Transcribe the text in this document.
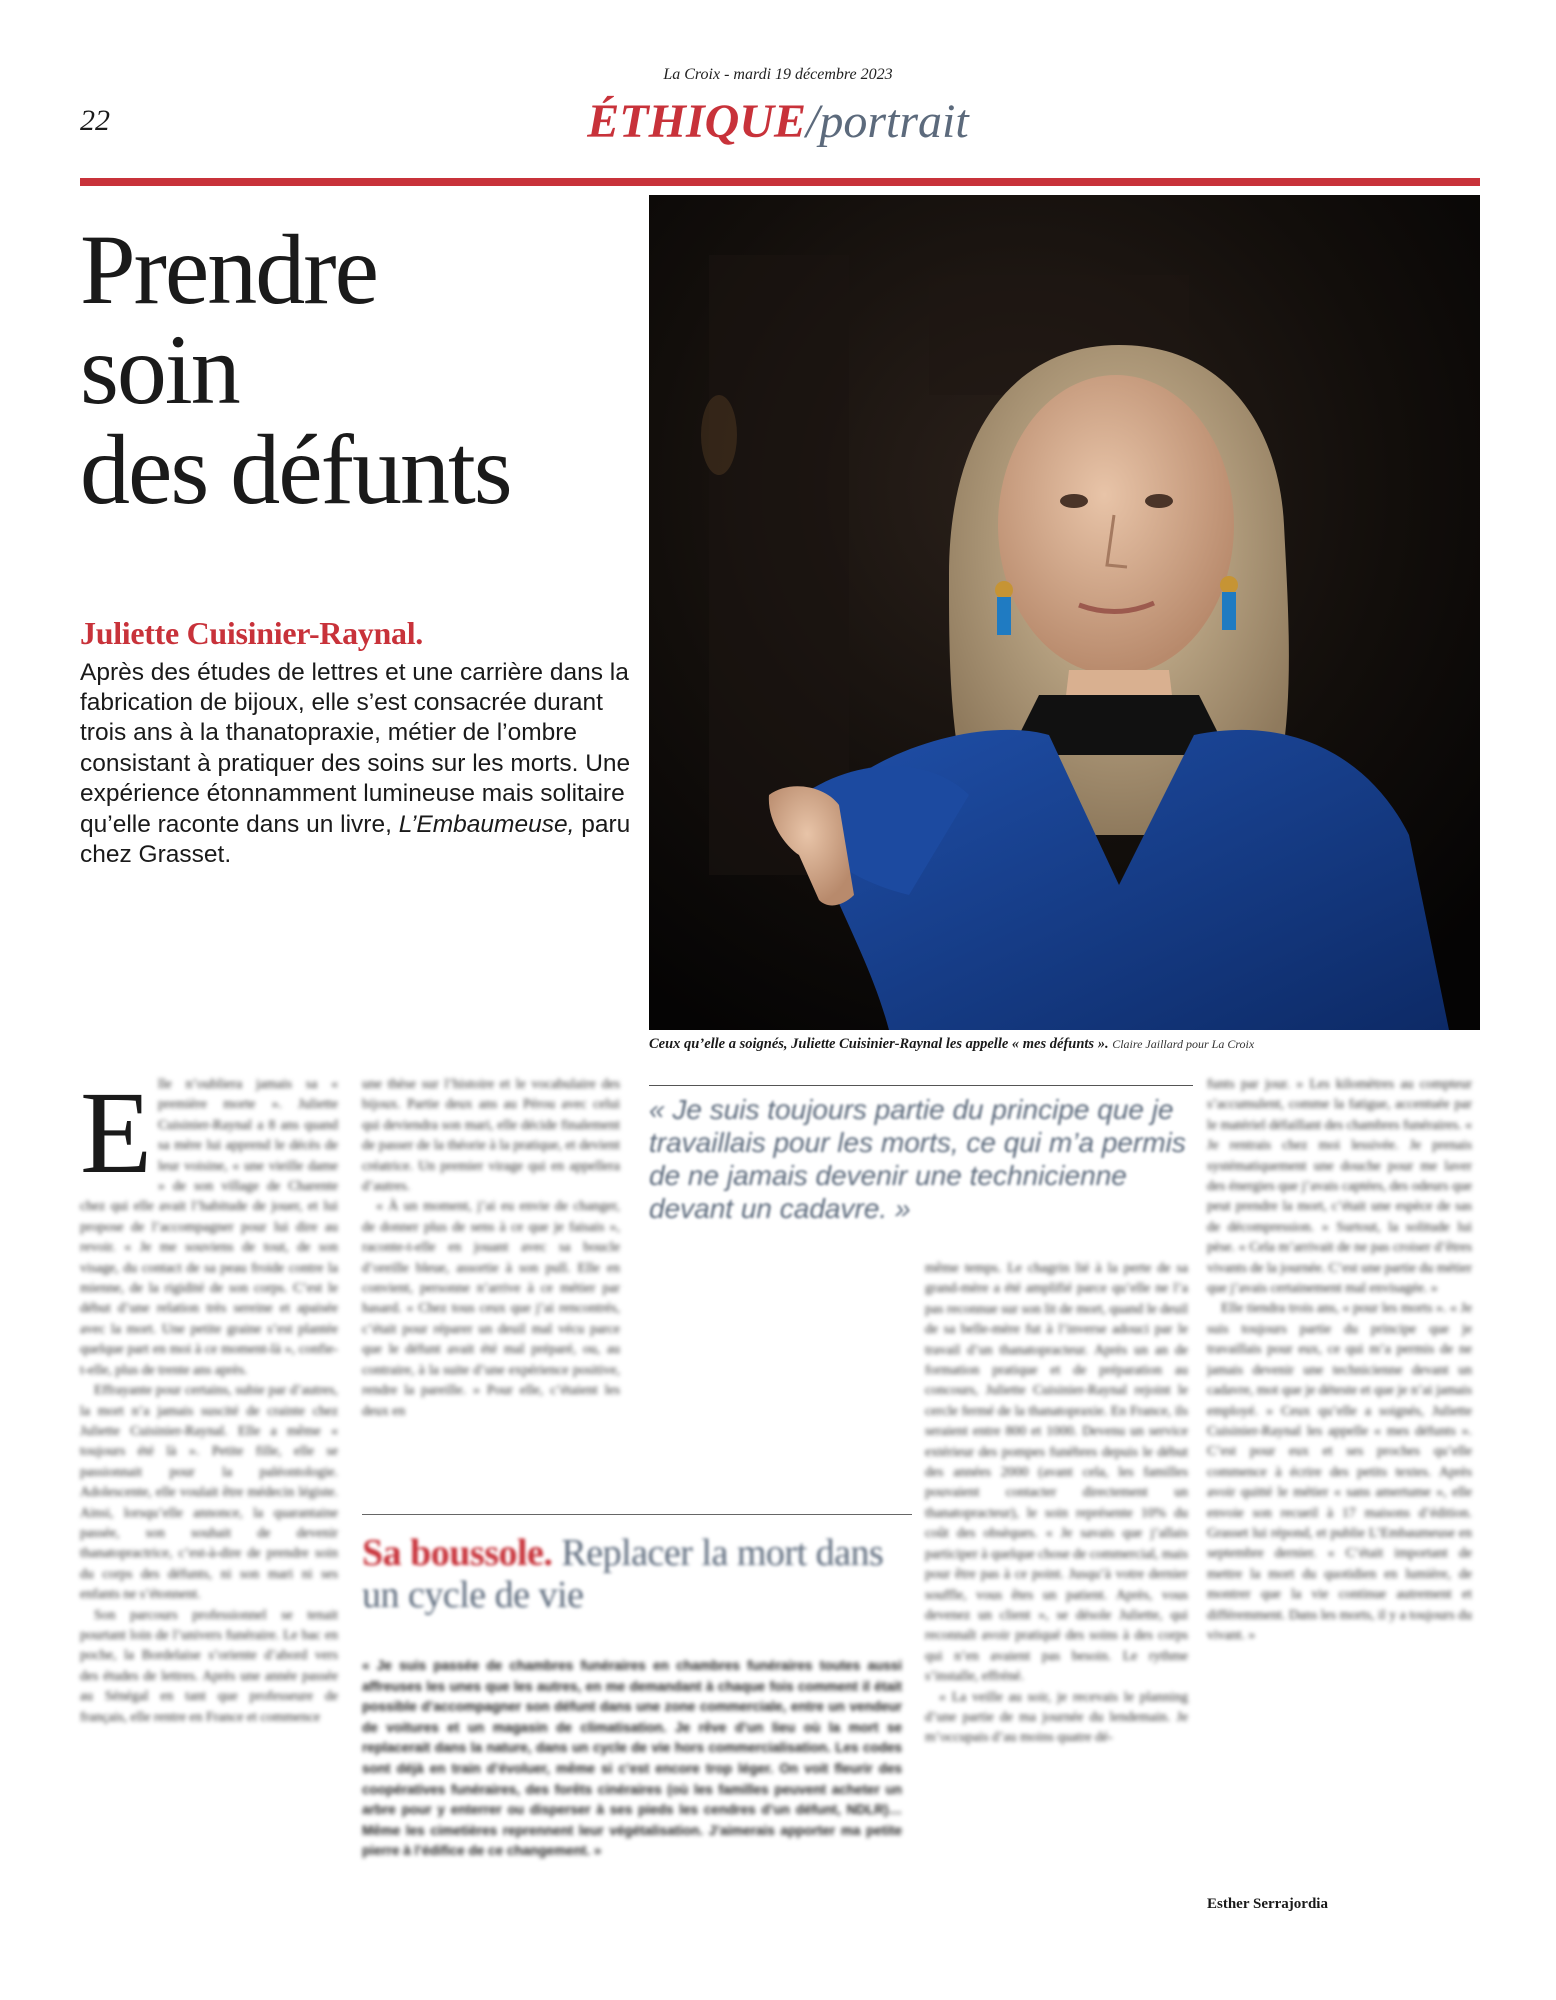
La Croix - mardi 19 décembre 2023
22	ÉTHIQUE/portrait
Prendre
soin
des défunts
Juliette Cuisinier-Raynal.
Après des études de lettres et une carrière dans la fabrication de bijoux, elle s’est consacrée durant trois ans à la thanatopraxie, métier de l’ombre consistant à pratiquer des soins sur les morts. Une expérience étonnamment lumineuse mais solitaire qu’elle raconte dans un livre, L’Embaumeuse, paru chez Grasset.
Ceux qu’elle a soignés, Juliette Cuisinier-Raynal les appelle « mes défunts ». Claire Jaillard pour La Croix
E lle n’oubliera jamais sa « première morte ». Juliette Cuisinier-Raynal a 8 ans quand sa mère lui apprend le décès de leur voisine, « une vieille dame » de son village de Charente chez qui elle avait l’habitude de jouer, et lui propose de l’accompagner pour lui dire au revoir. « Je me souviens de tout, de son visage, du contact de sa peau froide contre la mienne, de la rigidité de son corps. C’est le début d’une relation très sereine et apaisée avec la mort. Une petite graine s’est plantée quelque part en moi à ce moment-là », confie-t-elle, plus de trente ans après.

Effrayante pour certains, subie par d’autres, la mort n’a jamais suscité de crainte chez Juliette Cuisinier-Raynal. Elle a même « toujours été là ». Petite fille, elle se passionnait pour la paléontologie. Adolescente, elle voulait être médecin légiste. Ainsi, lorsqu’elle annonce, la quarantaine passée, son souhait de devenir thanatopractrice, c’est-à-dire de prendre soin du corps des défunts, ni son mari ni ses enfants ne s’étonnent.

Son parcours professionnel se tenait pourtant loin de l’univers funéraire. Le bac en poche, la Bordelaise s’oriente d’abord vers des études de lettres. Après une année passée au Sénégal en tant que professeure de français, elle rentre en France et commence

une thèse sur l’histoire et le vocabulaire des bijoux. Partie deux ans au Pérou avec celui qui deviendra son mari, elle décide finalement de passer de la théorie à la pratique, et devient créatrice. Un premier virage qui en appellera d’autres.

« À un moment, j’ai eu envie de changer, de donner plus de sens à ce que je faisais », raconte-t-elle en jouant avec sa boucle d’oreille bleue, assortie à son pull. Elle en convient, personne n’arrive à ce métier par hasard. « Chez tous ceux que j’ai rencontrés, c’était pour réparer un deuil mal vécu parce que le défunt avait été mal préparé, ou, au contraire, à la suite d’une expérience positive, rendre la pareille. » Pour elle, c’étaient les deux en

« Je suis toujours partie du principe que je travaillais pour les morts, ce qui m’a permis de ne jamais devenir une technicienne devant un cadavre. »

même temps. Le chagrin lié à la perte de sa grand-mère a été amplifié parce qu’elle ne l’a pas reconnue sur son lit de mort, quand le deuil de sa belle-mère fut à l’inverse adouci par le travail d’un thanatopracteur. Après un an de formation pratique et de préparation au concours, Juliette Cuisinier-Raynal rejoint le cercle fermé de la thanatopraxie. En France, ils seraient entre 800 et 1000. Devenu un service extérieur des pompes funèbres depuis le début des années 2000 (avant cela, les familles pouvaient contacter directement un thanatopracteur), le soin représente 10% du coût des obsèques. « Je savais que j’allais participer à quelque chose de commercial, mais pour être pas à ce point. Jusqu’à votre dernier souffle, vous êtes un patient. Après, vous devenez un client », se désole Juliette, qui reconnaît avoir pratiqué des soins à des corps qui n’en avaient pas besoin. Le rythme s’installe, effréné.

« La veille au soir, je recevais le planning d’une partie de ma journée du lendemain. Je m’occupais d’au moins quatre dé-

funts par jour. » Les kilomètres au compteur s’accumulent, comme la fatigue, accentuée par le matériel défaillant des chambres funéraires. « Je rentrais chez moi lessivée. Je prenais systématiquement une douche pour me laver des énergies que j’avais captées, des odeurs que peut prendre la mort, c’était une espèce de sas de décompression. » Surtout, la solitude lui pèse. « Cela m’arrivait de ne pas croiser d’êtres vivants de la journée. C’est une partie du métier que j’avais certainement mal envisagée. »

Elle tiendra trois ans, « pour les morts ». « Je suis toujours partie du principe que je travaillais pour eux, ce qui m’a permis de ne jamais devenir une technicienne devant un cadavre, mot que je déteste et que je n’ai jamais employé. » Ceux qu’elle a soignés, Juliette Cuisinier-Raynal les appelle « mes défunts ». C’est pour eux et ses proches qu’elle commence à écrire des petits textes. Après avoir quitté le métier « sans amertume », elle envoie son recueil à 17 maisons d’édition. Grasset lui répond, et publie L’Embaumeuse en septembre dernier. « C’était important de mettre la mort du quotidien en lumière, de montrer que la vie continue autrement et différemment. Dans les morts, il y a toujours du vivant. »

Esther Serrajordia
Sa boussole. Replacer la mort dans un cycle de vie
« Je suis passée de chambres funéraires en chambres funéraires toutes aussi affreuses les unes que les autres, en me demandant à chaque fois comment il était possible d’accompagner son défunt dans une zone commerciale, entre un vendeur de voitures et un magasin de climatisation. Je rêve d’un lieu où la mort se replacerait dans la nature, dans un cycle de vie hors commercialisation. Les codes sont déjà en train d’évoluer, même si c’est encore trop léger. On voit fleurir des coopératives funéraires, des forêts cinéraires (où les familles peuvent acheter un arbre pour y enterrer ou disperser à ses pieds les cendres d’un défunt, NDLR)… Même les cimetières reprennent leur végétalisation. J’aimerais apporter ma petite pierre à l’édifice de ce changement. »
